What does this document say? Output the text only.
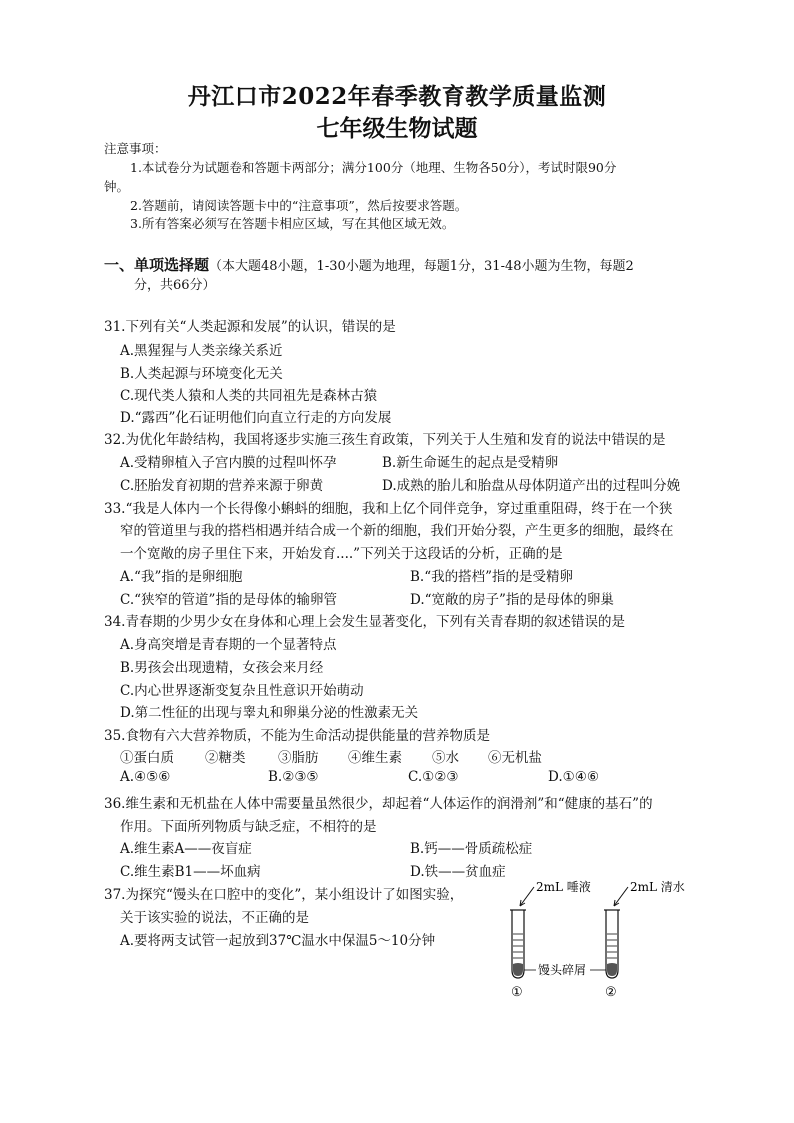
丹江口市2022年春季教育教学质量监测
七年级生物试题
注意事项：
1.本试卷分为试题卷和答题卡两部分；满分100分（地理、生物各50分），考试时限90分
钟。
2.答题前，请阅读答题卡中的“注意事项”，然后按要求答题。
3.所有答案必须写在答题卡相应区域，写在其他区域无效。
一、单项选择题（本大题48小题，1-30小题为地理，每题1分，31-48小题为生物，每题2
分，共66分）
31.下列有关“人类起源和发展”的认识，错误的是
A.黑猩猩与人类亲缘关系近
B.人类起源与环境变化无关
C.现代类人猿和人类的共同祖先是森林古猿
D.“露西”化石证明他们向直立行走的方向发展
32.为优化年龄结构，我国将逐步实施三孩生育政策，下列关于人生殖和发育的说法中错误的是
A.受精卵植入子宫内膜的过程叫怀孕	B.新生命诞生的起点是受精卵
C.胚胎发育初期的营养来源于卵黄	D.成熟的胎儿和胎盘从母体阴道产出的过程叫分娩
33.“我是人体内一个长得像小蝌蚪的细胞，我和上亿个同伴竞争，穿过重重阻碍，终于在一个狭
窄的管道里与我的搭档相遇并结合成一个新的细胞，我们开始分裂，产生更多的细胞，最终在
一个宽敞的房子里住下来，开始发育....”下列关于这段话的分析，正确的是
A.“我”指的是卵细胞	B.“我的搭档”指的是受精卵
C.“狭窄的管道”指的是母体的输卵管	D.“宽敞的房子”指的是母体的卵巢
34.青春期的少男少女在身体和心理上会发生显著变化，下列有关青春期的叙述错误的是
A.身高突增是青春期的一个显著特点
B.男孩会出现遗精，女孩会来月经
C.内心世界逐渐变复杂且性意识开始萌动
D.第二性征的出现与睾丸和卵巢分泌的性激素无关
35.食物有六大营养物质，不能为生命活动提供能量的营养物质是
①蛋白质 ②糖类 ③脂肪 ④维生素 ⑤水 ⑥无机盐
A.④⑤⑥	B.②③⑤	C.①②③	D.①④⑥
36.维生素和无机盐在人体中需要量虽然很少，却起着“人体运作的润滑剂”和“健康的基石”的
作用。下面所列物质与缺乏症，不相符的是
A.维生素A——夜盲症	B.钙——骨质疏松症
C.维生素B1——坏血病	D.铁——贫血症
37.为探究“馒头在口腔中的变化”，某小组设计了如图实验，
关于该实验的说法，不正确的是
A.要将两支试管一起放到37℃温水中保温5～10分钟
2mL 唾液	2mL 清水
馒头碎屑
①	②
